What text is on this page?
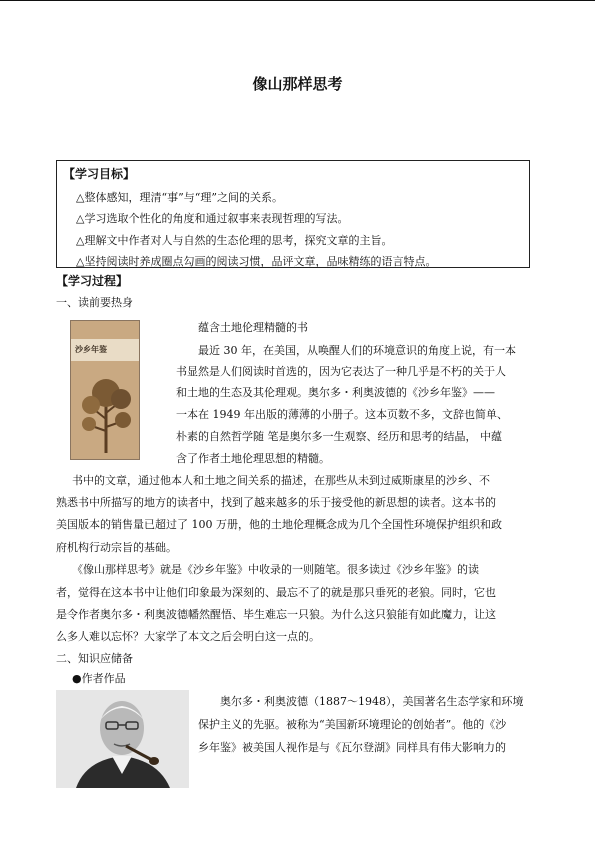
像山那样思考
【学习目标】
△整体感知，理清“事”与“理”之间的关系。
△学习选取个性化的角度和通过叙事来表现哲理的写法。
△理解文中作者对人与自然的生态伦理的思考，探究文章的主旨。
△坚持阅读时养成圈点勾画的阅读习惯，品评文章，品味精练的语言特点。
【学习过程】
一、读前要热身
沙乡年鉴
蕴含土地伦理精髓的书
最近 30 年，在美国，从唤醒人们的环境意识的角度上说，有一本
书显然是人们阅读时首选的，因为它表达了一种几乎是不朽的关于人
和土地的生态及其伦理观。奥尔多・利奥波德的《沙乡年鉴》——
一本在 1949 年出版的薄薄的小册子。这本页数不多，文辞也简单、
朴素的自然哲学随 笔是奥尔多一生观察、经历和思考的结晶， 中蕴
含了作者土地伦理思想的精髓。
书中的文章，通过他本人和土地之间关系的描述，在那些从未到过威斯康星的沙乡、不
熟悉书中所描写的地方的读者中，找到了越来越多的乐于接受他的新思想的读者。这本书的
美国版本的销售量已超过了 100 万册，他的土地伦理概念成为几个全国性环境保护组织和政
府机构行动宗旨的基础。
《像山那样思考》就是《沙乡年鉴》中收录的一则随笔。很多读过《沙乡年鉴》的读
者，觉得在这本书中让他们印象最为深刻的、最忘不了的就是那只垂死的老狼。同时，它也
是令作者奥尔多・利奥波德幡然醒悟、毕生难忘一只狼。为什么这只狼能有如此魔力，让这
么多人难以忘怀？大家学了本文之后会明白这一点的。
二、知识应储备
●作者作品
奥尔多・利奥波德（1887～1948），美国著名生态学家和环境
保护主义的先驱。被称为“美国新环境理论的创始者”。他的《沙
乡年鉴》被美国人视作是与《瓦尔登湖》同样具有伟大影响力的
